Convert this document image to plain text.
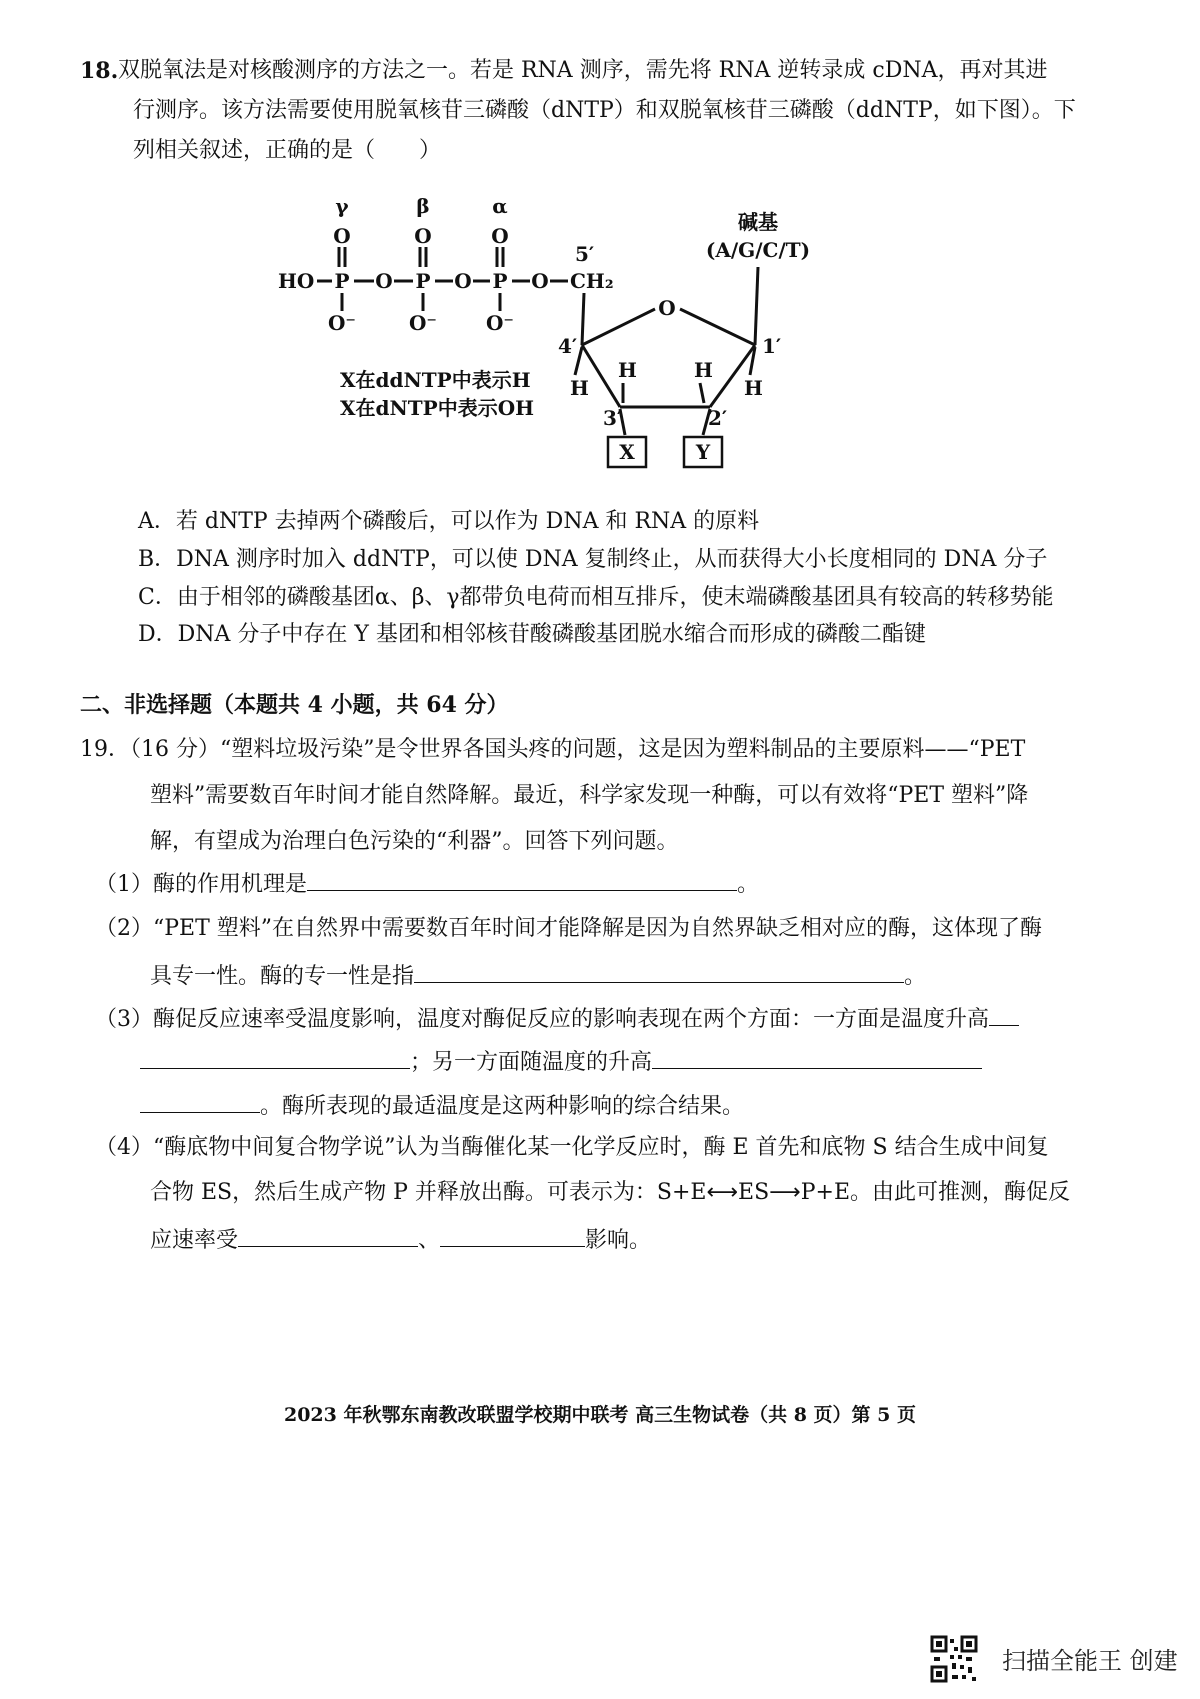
18. 双脱氧法是对核酸测序的方法之一。若是 RNA 测序，需先将 RNA 逆转录成 cDNA，再对其进
行测序。该方法需要使用脱氧核苷三磷酸（dNTP）和双脱氧核苷三磷酸（ddNTP，如下图）。下
列相关叙述，正确的是（　　）
γ	β	α
O	O	O
HO P O P O P O CH₂
O⁻	O⁻ O⁻
5′
4′
3′	2′
1′
O
H
H	H
H
碱基
(A/G/C/T)
X在ddNTP中表示H
X在dNTP中表示OH
X	Y
A．若 dNTP 去掉两个磷酸后，可以作为 DNA 和 RNA 的原料
B．DNA 测序时加入 ddNTP，可以使 DNA 复制终止，从而获得大小长度相同的 DNA 分子
C．由于相邻的磷酸基团α、β、γ都带负电荷而相互排斥，使末端磷酸基团具有较高的转移势能
D．DNA 分子中存在 Y 基团和相邻核苷酸磷酸基团脱水缩合而形成的磷酸二酯键
二、非选择题（本题共 4 小题，共 64 分）
19．（16 分）“塑料垃圾污染”是令世界各国头疼的问题，这是因为塑料制品的主要原料——“PET
塑料”需要数百年时间才能自然降解。最近，科学家发现一种酶，可以有效将“PET 塑料”降
解，有望成为治理白色污染的“利器”。回答下列问题。
（1）酶的作用机理是	。
（2）“PET 塑料”在自然界中需要数百年时间才能降解是因为自然界缺乏相对应的酶，这体现了酶
具专一性。酶的专一性是指	。
（3）酶促反应速率受温度影响，温度对酶促反应的影响表现在两个方面：一方面是温度升高
；另一方面随温度的升高
。酶所表现的最适温度是这两种影响的综合结果。
（4）“酶底物中间复合物学说”认为当酶催化某一化学反应时，酶 E 首先和底物 S 结合生成中间复
合物 ES，然后生成产物 P 并释放出酶。可表示为：S+E⟷ES⟶P+E。由此可推测，酶促反
应速率受	、	影响。
2023 年秋鄂东南教改联盟学校期中联考 高三生物试卷（共 8 页）第 5 页
扫描全能王 创建
